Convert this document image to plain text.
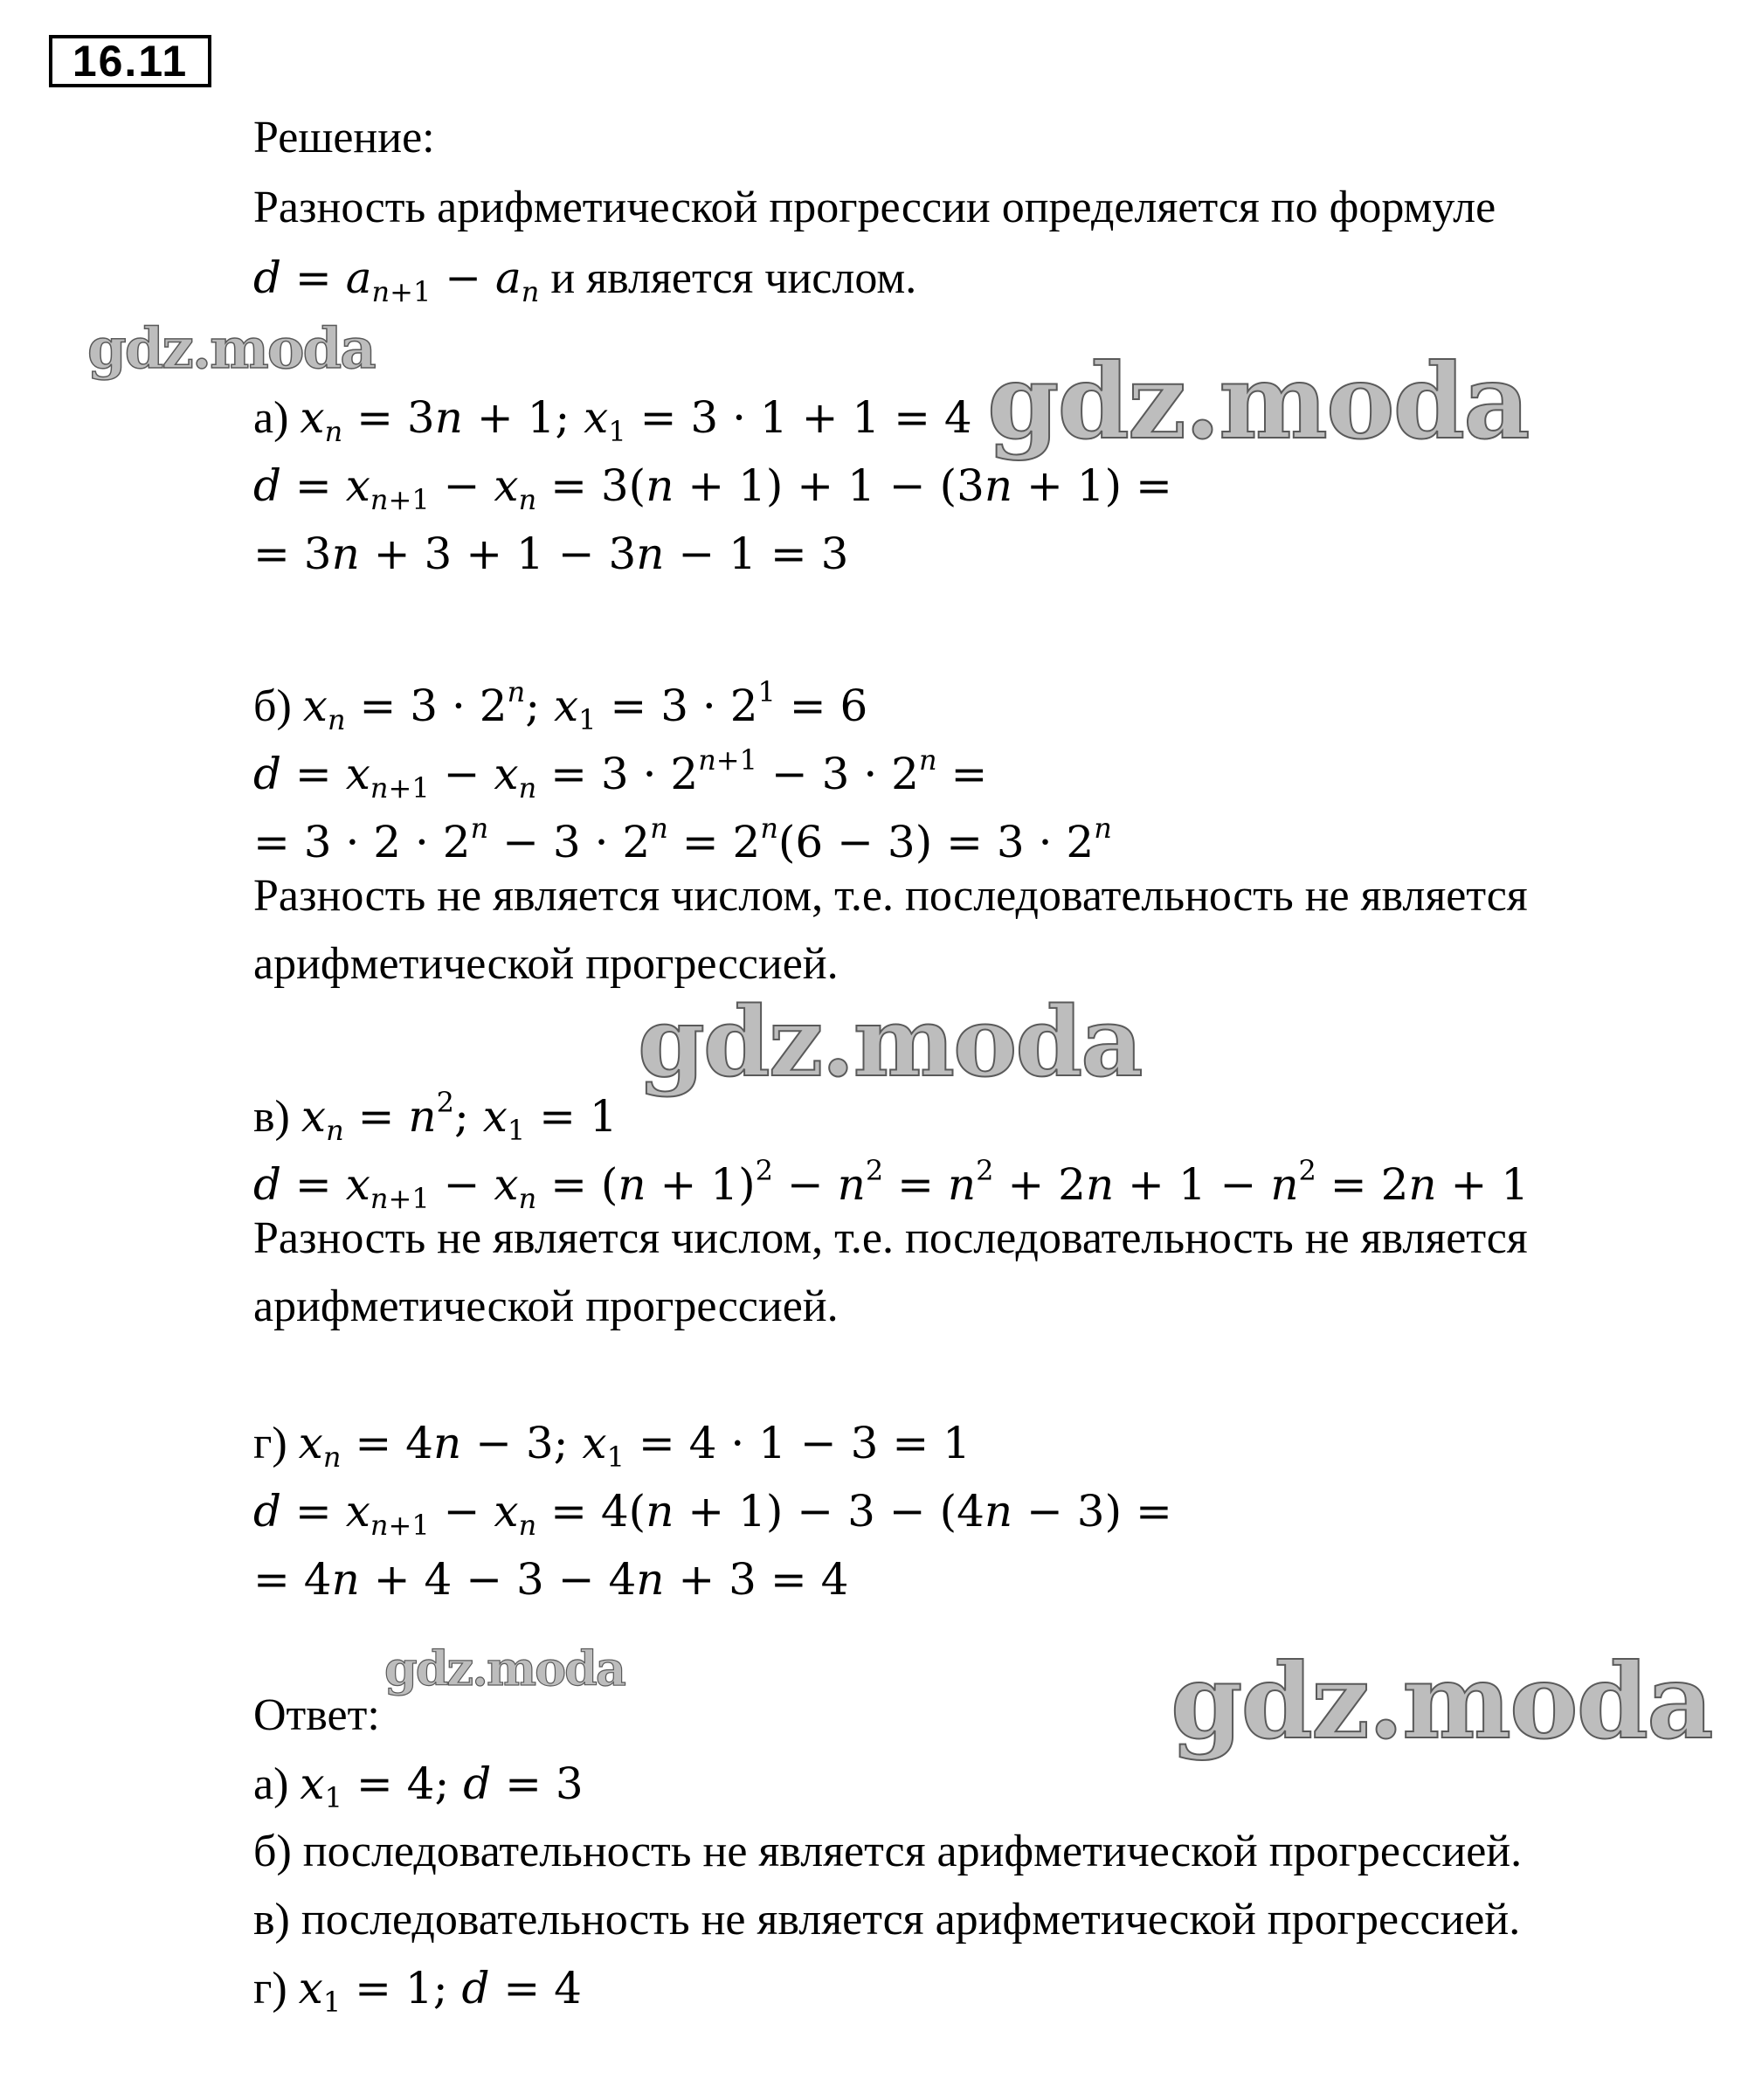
16.11
Решение:
Разность арифметической прогрессии определяется по формуле
$d = a_{n+1} - a_n$ и является числом.
а) $x_n = 3n + 1$; $x_1 = 3 \cdot 1 + 1 = 4$
$d = x_{n+1} - x_n = 3(n + 1) + 1 - (3n + 1)$ =
= 3n + 3 + 1 − 3n − 1 = 3
б) $x_n = 3 \cdot 2^n$; $x_1 = 3 \cdot 2^1 = 6$
$d = x_{n+1} - x_n = 3 \cdot 2^{n+1} - 3 \cdot 2^n$ =
= $3 \cdot 2 \cdot 2^n - 3 \cdot 2^n = 2^n(6 - 3) = 3 \cdot 2^n$
Разность не является числом, т.е. последовательность не является
арифметической прогрессией.
в) $x_n = n^2$; $x_1 = 1$
$d = x_{n+1} - x_n = (n + 1)^2 - n^2 = n^2 + 2n + 1 - n^2 = 2n + 1$
Разность не является числом, т.е. последовательность не является
арифметической прогрессией.
г) $x_n = 4n - 3$; $x_1 = 4 \cdot 1 - 3 = 1$
$d = x_{n+1} - x_n = 4(n + 1) - 3 - (4n - 3)$ =
= 4n + 4 − 3 − 4n + 3 = 4
Ответ:
а) $x_1 = 4$; d = 3
б) последовательность не является арифметической прогрессией.
в) последовательность не является арифметической прогрессией.
г) $x_1 = 1$; d = 4
gdz.moda	gdz.moda
gdz.moda
gdz.moda	gdz.moda
